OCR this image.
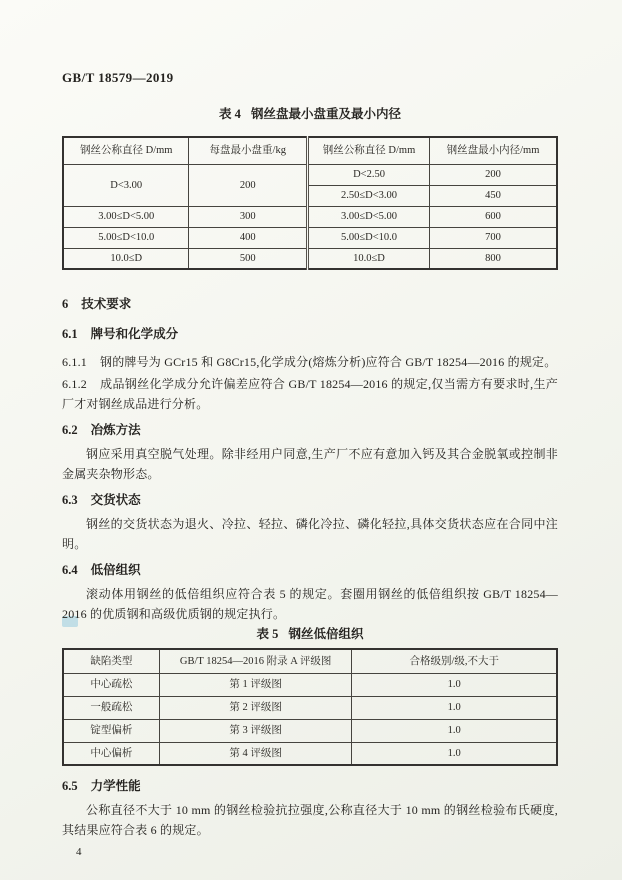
GB/T 18579—2019
表 4 钢丝盘最小盘重及最小内径
钢丝公称直径 D/mm	每盘最小盘重/kg	钢丝公称直径 D/mm	钢丝盘最小内径/mm
D<3.00	200	D<2.50	200
		2.50≤D<3.00	450
3.00≤D<5.00	300	3.00≤D<5.00	600
5.00≤D<10.0	400	5.00≤D<10.0	700
10.0≤D	500	10.0≤D	800
6 技术要求
6.1 牌号和化学成分

6.1.1 钢的牌号为 GCr15 和 G8Cr15,化学成分(熔炼分析)应符合 GB/T 18254—2016 的规定。

6.1.2 成品钢丝化学成分允许偏差应符合 GB/T 18254—2016 的规定,仅当需方有要求时,生产厂才对钢丝成品进行分析。

6.2 冶炼方法

钢应采用真空脱气处理。除非经用户同意,生产厂不应有意加入钙及其合金脱氧或控制非金属夹杂物形态。

6.3 交货状态

钢丝的交货状态为退火、冷拉、轻拉、磷化冷拉、磷化轻拉,具体交货状态应在合同中注明。

6.4 低倍组织

滚动体用钢丝的低倍组织应符合表 5 的规定。套圈用钢丝的低倍组织按 GB/T 18254—2016 的优质钢和高级优质钢的规定执行。

表 5 钢丝低倍组织
缺陷类型	GB/T 18254—2016 附录 A 评级图	合格级别/级,不大于
中心疏松	第 1 评级图	1.0
一般疏松	第 2 评级图	1.0
锭型偏析	第 3 评级图	1.0
中心偏析	第 4 评级图	1.0
6.5 力学性能

公称直径不大于 10 mm 的钢丝检验抗拉强度,公称直径大于 10 mm 的钢丝检验布氏硬度,其结果应符合表 6 的规定。

4
